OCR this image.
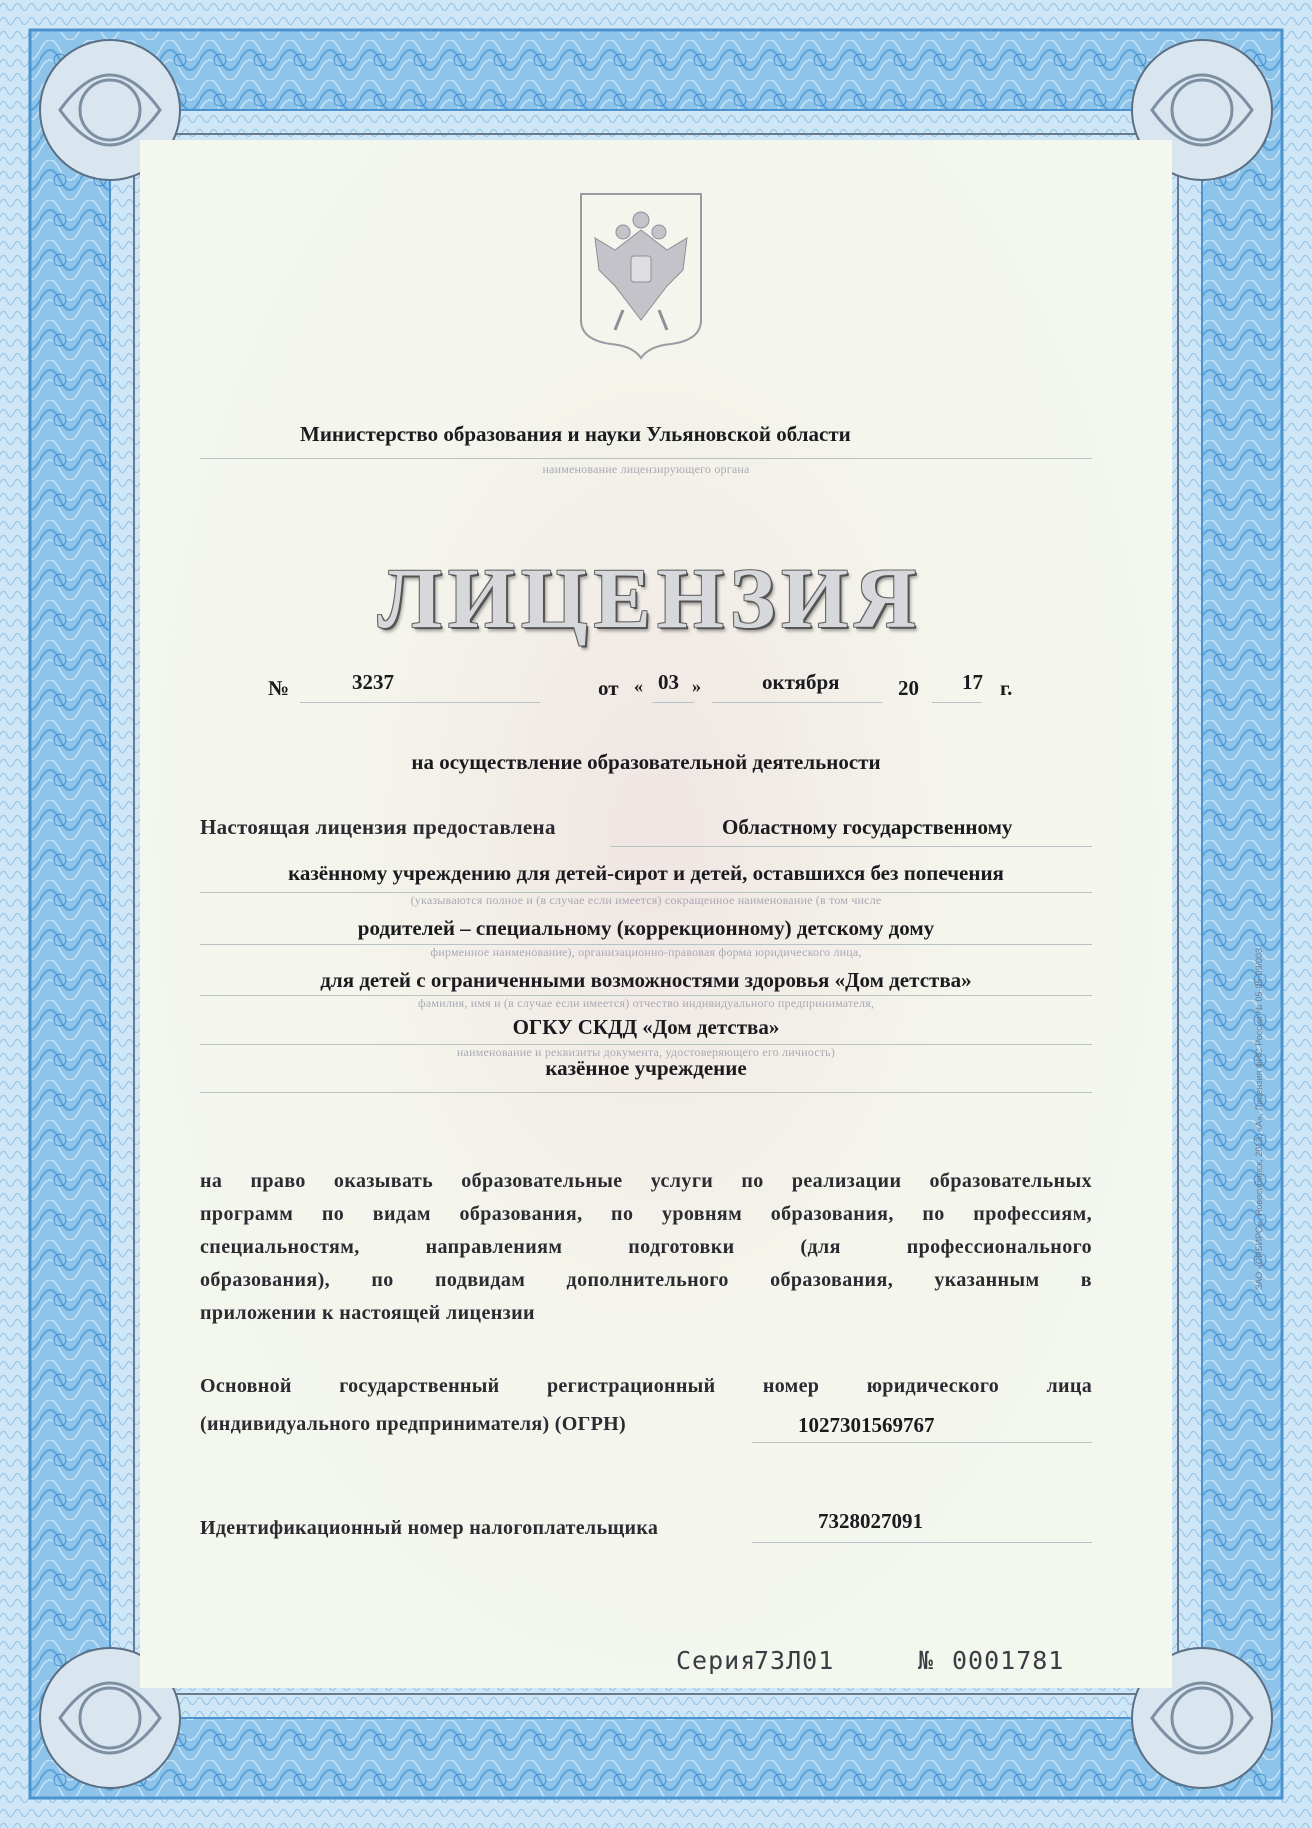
Министерство образования и науки Ульяновской области
наименование лицензирующего органа
ЛИЦЕНЗИЯ
№	3237	от « 03 »	октября	20 17 г.
на осуществление образовательной деятельности
Настоящая лицензия предоставлена	Областному государственному
казённому учреждению для детей-сирот и детей, оставшихся без попечения
(указываются полное и (в случае если имеется) сокращенное наименование (в том числе
родителей – специальному (коррекционному) детскому дому
фирменное наименование), организационно-правовая форма юридического лица,
для детей с ограниченными возможностями здоровья «Дом детства»
фамилия, имя и (в случае если имеется) отчество индивидуального предпринимателя,
ОГКУ СКДД «Дом детства»
наименование и реквизиты документа, удостоверяющего его личность)
казённое учреждение
на право оказывать образовательные услуги по реализации образовательных
программ по видам образования, по уровням образования, по профессиям,
специальностям, направлениям подготовки (для профессионального
образования), по подвидам дополнительного образования, указанным в
приложении к настоящей лицензии
Основной государственный регистрационный номер юридического лица
(индивидуального предпринимателя) (ОГРН)	1027301569767
Идентификационный номер налогоплательщика	7328027091
Серия
73Л01	№ 0001781
